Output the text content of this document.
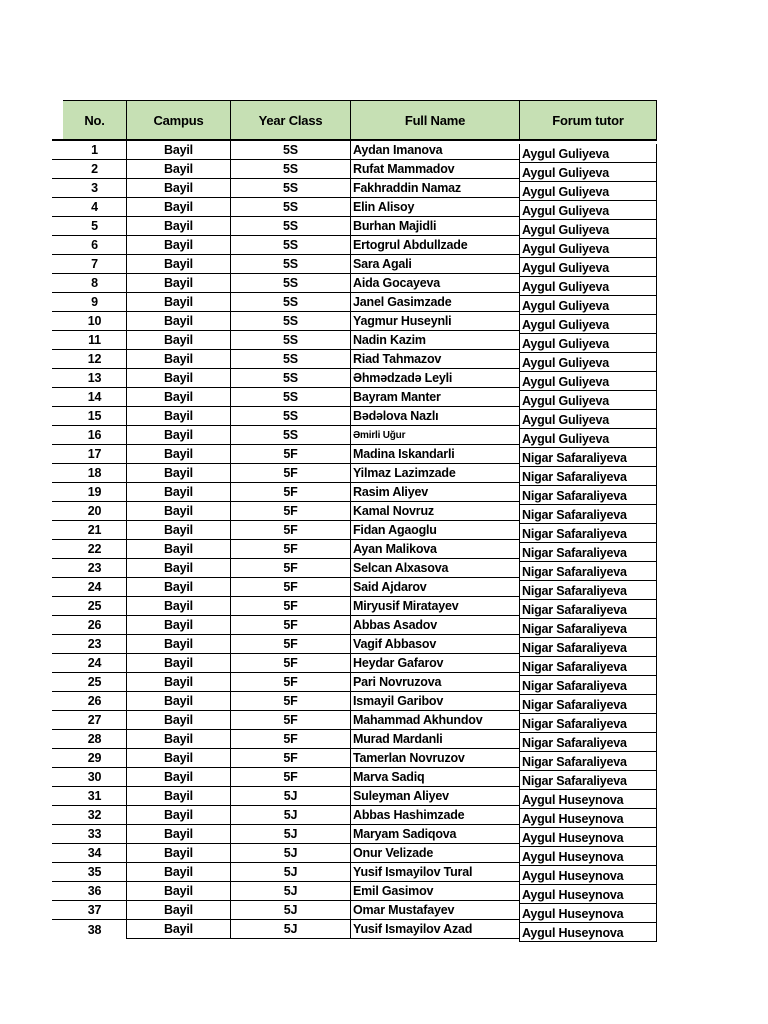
No.	Campus	Year Class	Full Name	Forum tutor
1	Bayil	5S	Aydan Imanova	Aygul Guliyeva
2	Bayil	5S	Rufat Mammadov	Aygul Guliyeva
3	Bayil	5S	Fakhraddin Namaz	Aygul Guliyeva
4	Bayil	5S	Elin Alisoy	Aygul Guliyeva
5	Bayil	5S	Burhan Majidli	Aygul Guliyeva
6	Bayil	5S	Ertogrul Abdullzade	Aygul Guliyeva
7	Bayil	5S	Sara Agali	Aygul Guliyeva
8	Bayil	5S	Aida Gocayeva	Aygul Guliyeva
9	Bayil	5S	Janel Gasimzade	Aygul Guliyeva
10	Bayil	5S	Yagmur Huseynli	Aygul Guliyeva
11	Bayil	5S	Nadin Kazim	Aygul Guliyeva
12	Bayil	5S	Riad Tahmazov	Aygul Guliyeva
13	Bayil	5S	Əhmədzadə Leyli	Aygul Guliyeva
14	Bayil	5S	Bayram Manter	Aygul Guliyeva
15	Bayil	5S	Bədəlova Nazlı	Aygul Guliyeva
16	Bayil	5S	Əmirli Uğur	Aygul Guliyeva
17	Bayil	5F	Madina Iskandarli	Nigar Safaraliyeva
18	Bayil	5F	Yilmaz Lazimzade	Nigar Safaraliyeva
19	Bayil	5F	Rasim Aliyev	Nigar Safaraliyeva
20	Bayil	5F	Kamal Novruz	Nigar Safaraliyeva
21	Bayil	5F	Fidan Agaoglu	Nigar Safaraliyeva
22	Bayil	5F	Ayan Malikova	Nigar Safaraliyeva
23	Bayil	5F	Selcan Alxasova	Nigar Safaraliyeva
24	Bayil	5F	Said Ajdarov	Nigar Safaraliyeva
25	Bayil	5F	Miryusif Miratayev	Nigar Safaraliyeva
26	Bayil	5F	Abbas Asadov	Nigar Safaraliyeva
23	Bayil	5F	Vagif Abbasov	Nigar Safaraliyeva
24	Bayil	5F	Heydar Gafarov	Nigar Safaraliyeva
25	Bayil	5F	Pari Novruzova	Nigar Safaraliyeva
26	Bayil	5F	Ismayil Garibov	Nigar Safaraliyeva
27	Bayil	5F	Mahammad Akhundov	Nigar Safaraliyeva
28	Bayil	5F	Murad Mardanli	Nigar Safaraliyeva
29	Bayil	5F	Tamerlan Novruzov	Nigar Safaraliyeva
30	Bayil	5F	Marva Sadiq	Nigar Safaraliyeva
31	Bayil	5J	Suleyman Aliyev	Aygul Huseynova
32	Bayil	5J	Abbas Hashimzade	Aygul Huseynova
33	Bayil	5J	Maryam Sadiqova	Aygul Huseynova
34	Bayil	5J	Onur Velizade	Aygul Huseynova
35	Bayil	5J	Yusif Ismayilov Tural	Aygul Huseynova
36	Bayil	5J	Emil Gasimov	Aygul Huseynova
37	Bayil	5J	Omar Mustafayev	Aygul Huseynova
38	Bayil	5J	Yusif Ismayilov Azad	Aygul Huseynova
